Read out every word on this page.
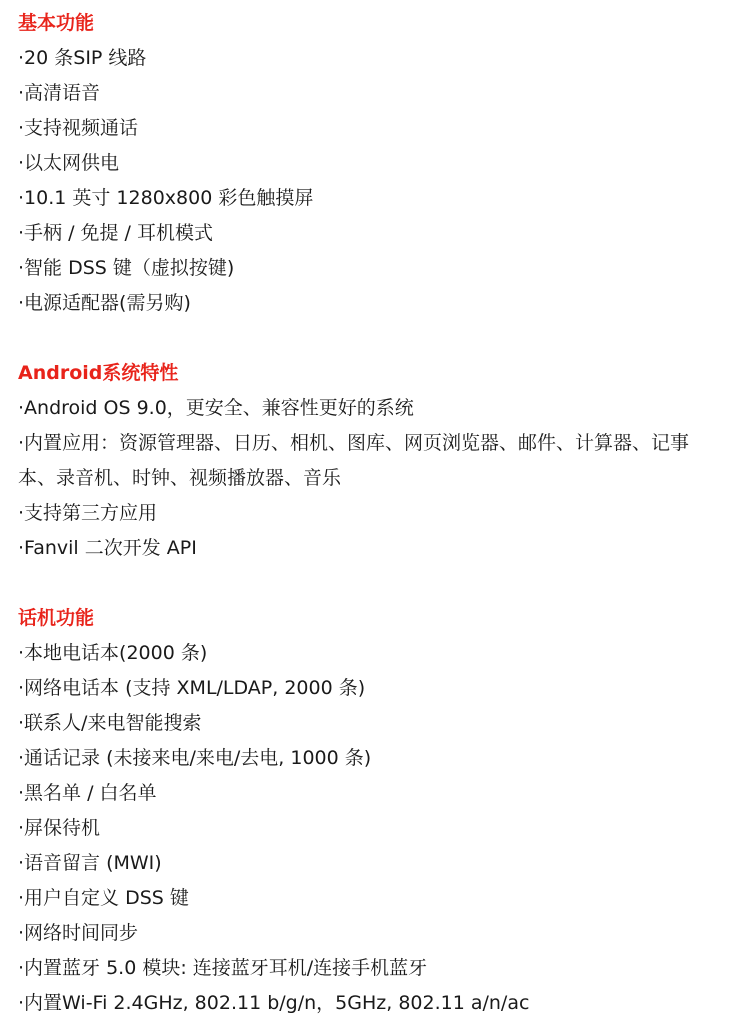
基本功能
·20 条SIP 线路
·高清语音
·支持视频通话
·以太网供电
·10.1 英寸 1280x800 彩色触摸屏
·手柄 / 免提 / 耳机模式
·智能 DSS 键（虚拟按键)
·电源适配器(需另购)
Android系统特性
·Android OS 9.0，更安全、兼容性更好的系统
·内置应用：资源管理器、日历、相机、图库、网页浏览器、邮件、计算器、记事本、录音机、时钟、视频播放器、音乐
·支持第三方应用
·Fanvil 二次开发 API
话机功能
·本地电话本(2000 条)
·网络电话本 (支持 XML/LDAP, 2000 条)
·联系人/来电智能搜索
·通话记录 (未接来电/来电/去电, 1000 条)
·黑名单 / 白名单
·屏保待机
·语音留言 (MWI)
·用户自定义 DSS 键
·网络时间同步
·内置蓝牙 5.0 模块: 连接蓝牙耳机/连接手机蓝牙
·内置Wi-Fi 2.4GHz, 802.11 b/g/n，5GHz, 802.11 a/n/ac
